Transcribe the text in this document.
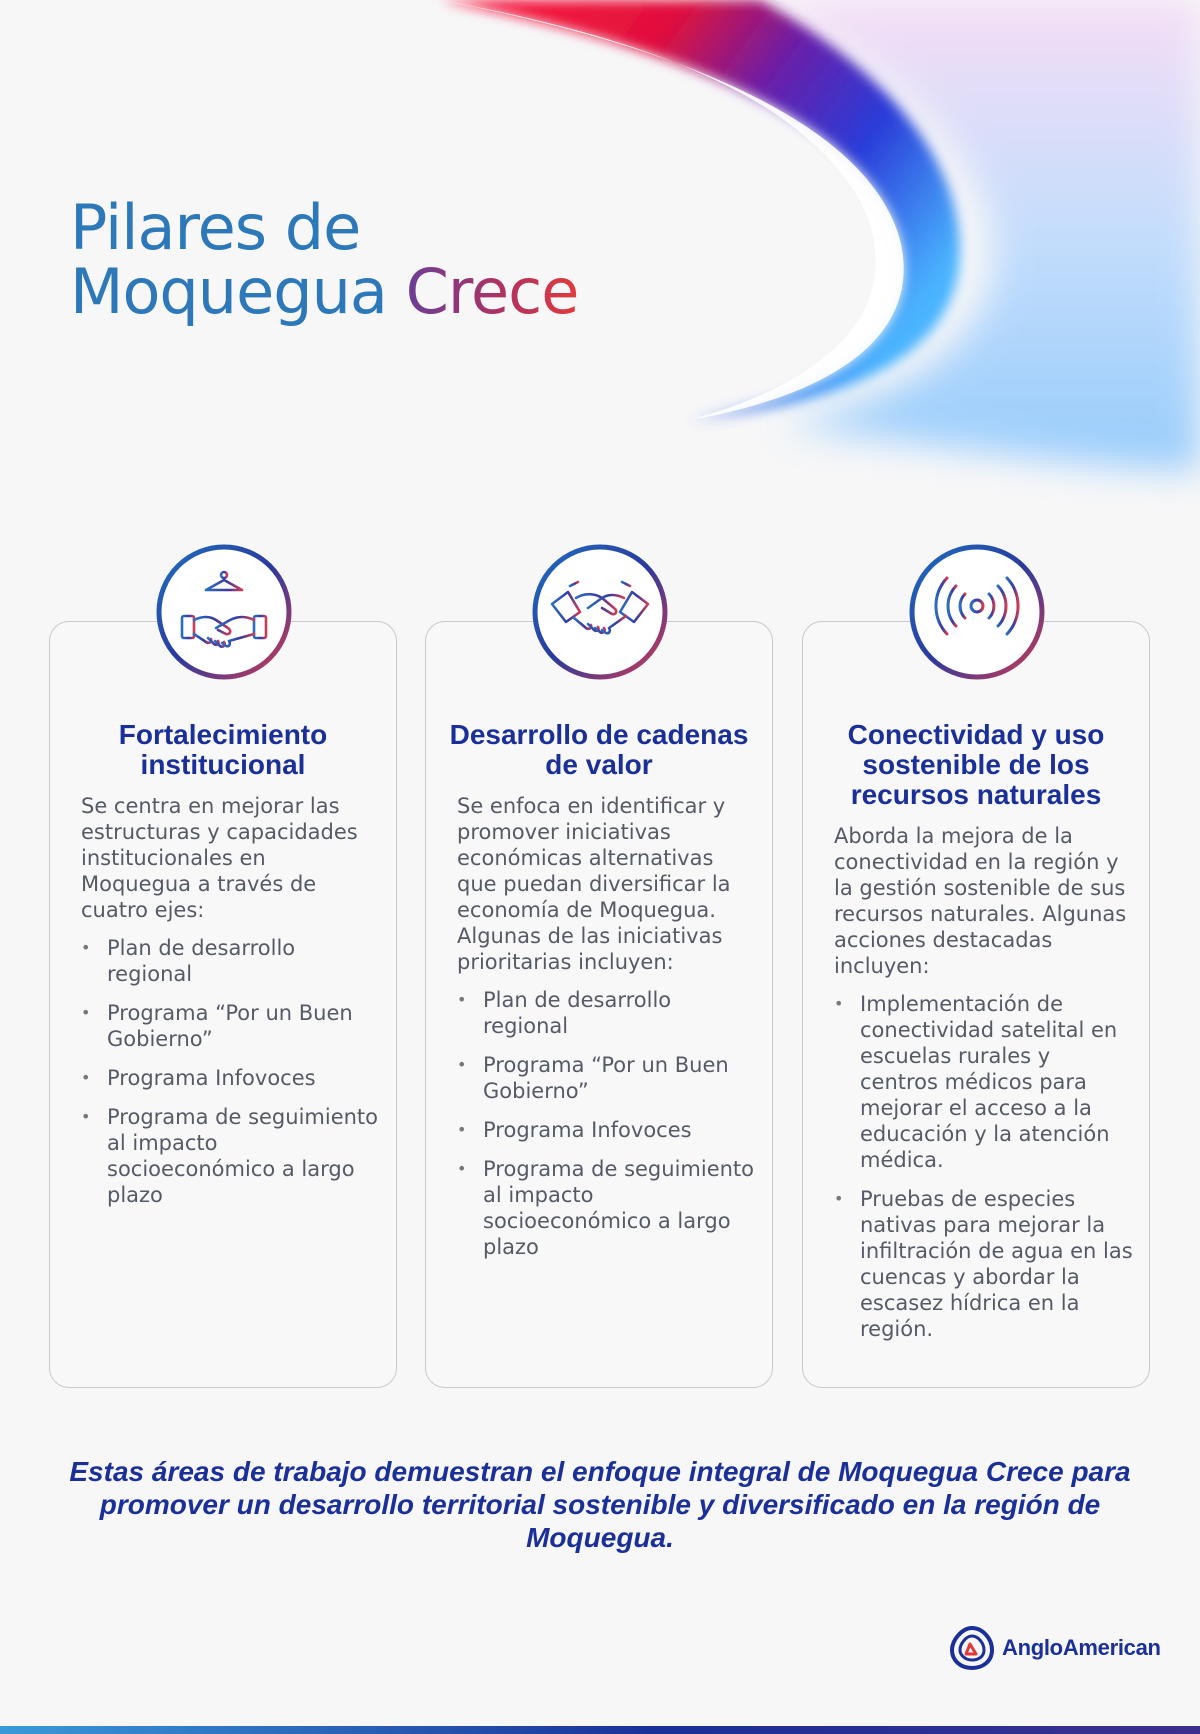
Pilares de
Moquegua Crece
Fortalecimiento institucional

Se centra en mejorar las estructuras y capacidades institucionales en Moquegua a través de cuatro ejes:

• Plan de desarrollo regional
• Programa “Por un Buen Gobierno”
• Programa Infovoces
• Programa de seguimiento al impacto socioeconómico a largo plazo
Desarrollo de cadenas de valor

Se enfoca en identificar y promover iniciativas económicas alternativas que puedan diversificar la economía de Moquegua. Algunas de las iniciativas prioritarias incluyen:

• Plan de desarrollo regional
• Programa “Por un Buen Gobierno”
• Programa Infovoces
• Programa de seguimiento al impacto socioeconómico a largo plazo
Conectividad y uso sostenible de los recursos naturales

Aborda la mejora de la conectividad en la región y la gestión sostenible de sus recursos naturales. Algunas acciones destacadas incluyen:

• Implementación de conectividad satelital en escuelas rurales y centros médicos para mejorar el acceso a la educación y la atención médica.
• Pruebas de especies nativas para mejorar la infiltración de agua en las cuencas y abordar la escasez hídrica en la región.

Estas áreas de trabajo demuestran el enfoque integral de Moquegua Crece para promover un desarrollo territorial sostenible y diversificado en la región de Moquegua.

AngloAmerican
